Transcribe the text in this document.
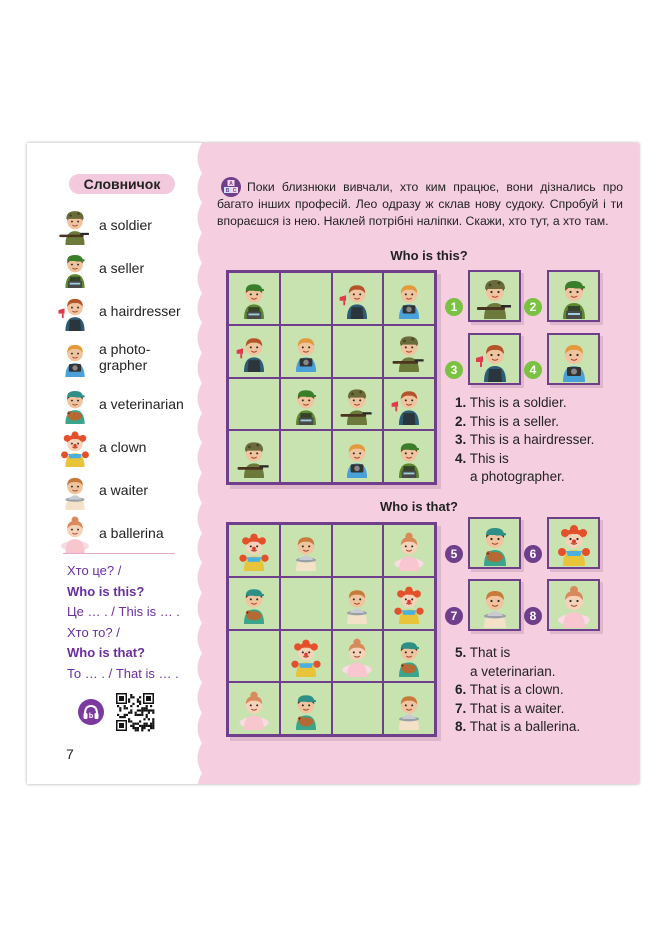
Словничок
a soldier
a seller
a hairdresser
a photo-
grapher
a veterinarian
a clown
a waiter
a ballerina
Хто це? /
Who is this?
Це … . / This is … .
Хто то? /
Who is that?
То … . / That is … .
b
7
A
B C Поки близнюки вивчали, хто ким працює, вони дізнались про багато інших професій. Лео одразу ж склав нову судоку. Спробуй і ти впораєшся із нею. Наклей потрібні наліпки. Скажи, хто тут, а хто там.
Who is this?
1	2
3	4
1. This is a soldier.
2. This is a seller.
3. This is a hairdresser.
4. This is
a photographer.
Who is that?
5	6
7	8
5. That is
a veterinarian.
6. That is a clown.
7. That is a waiter.
8. That is a ballerina.
